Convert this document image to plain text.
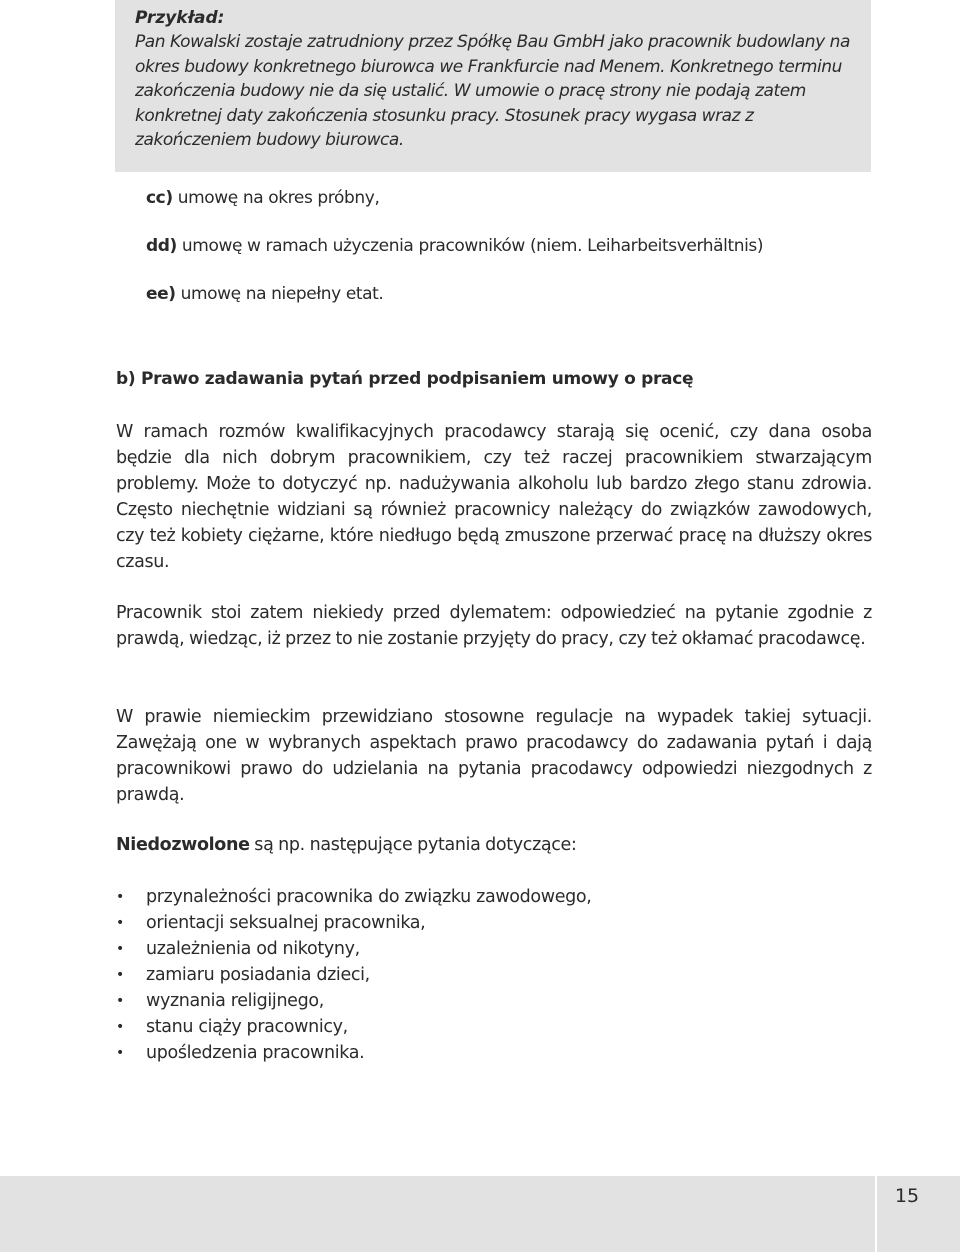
Przykład:

Pan Kowalski zostaje zatrudniony przez Spółkę Bau GmbH jako pracownik budowlany na okres budowy konkretnego biurowca we Frankfurcie nad Menem. Konkretnego terminu zakończenia budowy nie da się ustalić. W umowie o pracę strony nie podają zatem konkretnej daty zakończenia stosunku pracy. Stosunek pracy wygasa wraz z zakończeniem budowy biurowca.

cc) umowę na okres próbny,
dd) umowę w ramach użyczenia pracowników (niem. Leiharbeitsverhältnis)
ee) umowę na niepełny etat.
b) Prawo zadawania pytań przed podpisaniem umowy o pracę

W ramach rozmów kwalifikacyjnych pracodawcy starają się ocenić, czy dana osoba będzie dla nich dobrym pracownikiem, czy też raczej pracownikiem stwarzającym problemy. Może to dotyczyć np. nadużywania alkoholu lub bardzo złego stanu zdrowia. Często niechętnie widziani są również pracownicy należący do związków zawodowych, czy też kobiety ciężarne, które niedługo będą zmuszone przerwać pracę na dłuższy okres czasu.

Pracownik stoi zatem niekiedy przed dylematem: odpowiedzieć na pytanie zgodnie z prawdą, wiedząc, iż przez to nie zostanie przyjęty do pracy, czy też okłamać pracodawcę.

W prawie niemieckim przewidziano stosowne regulacje na wypadek takiej sytuacji. Zawężają one w wybranych aspektach prawo pracodawcy do zadawania pytań i dają pracownikowi prawo do udzielania na pytania pracodawcy odpowiedzi niezgodnych z prawdą.

Niedozwolone są np. następujące pytania dotyczące:

• przynależności pracownika do związku zawodowego,
• orientacji seksualnej pracownika,
• uzależnienia od nikotyny,
• zamiaru posiadania dzieci,
• wyznania religijnego,
• stanu ciąży pracownicy,
• upośledzenia pracownika.
15
